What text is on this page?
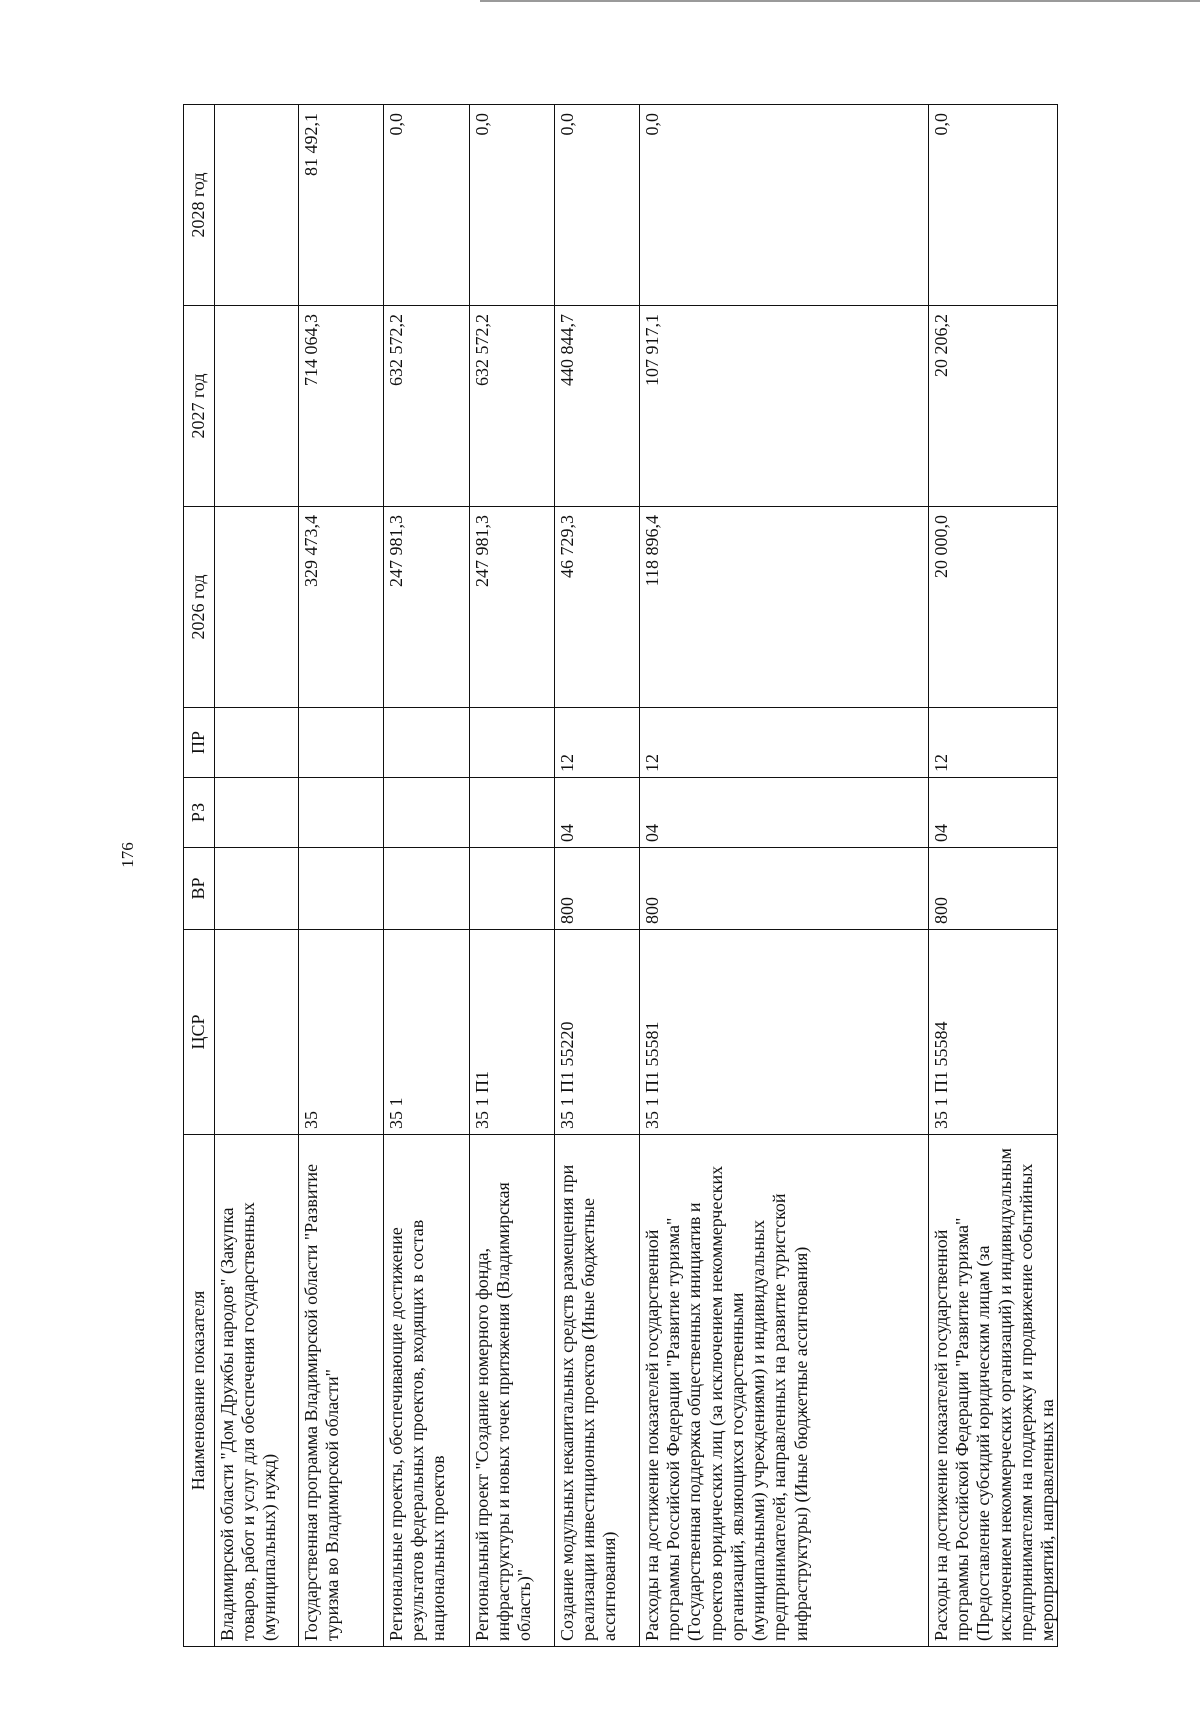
176
Наименование показателя	ЦСР	ВР	РЗ	ПР	2026 год	2027 год	2028 год
Владимирской области "Дом Дружбы народов" (Закупка товаров, работ и услуг для обеспечения государственных (муниципальных) нужд)							
Государственная программа Владимирской области "Развитие туризма во Владимирской области"	35				329 473,4	714 064,3	81 492,1
Региональные проекты, обеспечивающие достижение результатов федеральных проектов, входящих в состав национальных проектов	35 1				247 981,3	632 572,2	0,0
Региональный проект "Создание номерного фонда, инфраструктуры и новых точек притяжения (Владимирская область)"	35 1 П1				247 981,3	632 572,2	0,0
Создание модульных некапитальных средств размещения при реализации инвестиционных проектов (Иные бюджетные ассигнования)	35 1 П1 55220	800	04	12	46 729,3	440 844,7	0,0
Расходы на достижение показателей государственной программы Российской Федерации "Развитие туризма" (Государственная поддержка общественных инициатив и проектов юридических лиц (за исключением некоммерческих организаций, являющихся государственными (муниципальными) учреждениями) и индивидуальных предпринимателей, направленных на развитие туристской инфраструктуры) (Иные бюджетные ассигнования)	35 1 П1 55581	800	04	12	118 896,4	107 917,1	0,0

Расходы на достижение показателей государственной программы Российской Федерации "Развитие туризма" (Предоставление субсидий юридическим лицам (за исключением некоммерческих организаций) и индивидуальным предпринимателям на поддержку и продвижение событийных мероприятий, направленных на	35 1 П1 55584	800	04	12	20 000,0	20 206,2	0,0
